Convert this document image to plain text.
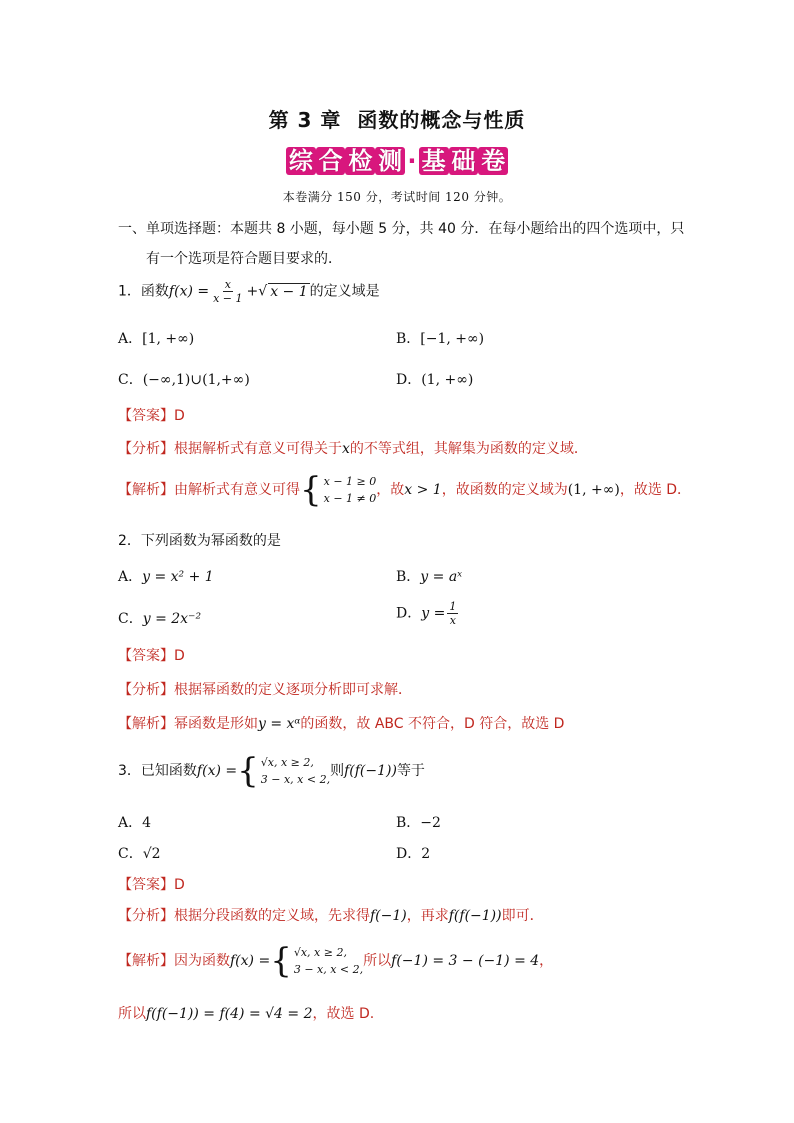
第 3 章 函数的概念与性质
综 合 检 测 · 基 础 卷
本卷满分 150 分，考试时间 120 分钟。
一、单项选择题：本题共 8 小题，每小题 5 分，共 40 分．在每小题给出的四个选项中，只
有一个选项是符合题目要求的．
1．函数$f(x) = \frac{x}{x - 1}$ +√ x − 1 的定义域是
A．[1, +∞)	B．[−1, +∞)
C．(−∞,1)∪(1,+∞)	D．(1, +∞)
【答案】D
【分析】根据解析式有意义可得关于x的不等式组，其解集为函数的定义域．
【解析】由解析式有意义可得 { x − 1 ≥ 0
x − 1 ≠ 0
，故x > 1，故函数的定义域为(1, +∞)，故选 D．
2．下列函数为幂函数的是
A．y = x² + 1	B．y = aˣ
C．y = 2x⁻²	D．$y = \frac{1}{x}$
【答案】D
【分析】根据幂函数的定义逐项分析即可求解．
【解析】幂函数是形如y = xᵅ的函数，故 ABC 不符合，D 符合，故选 D
3．已知函数f(x) = { √x, x ≥ 2,
3 − x, x < 2,
则f(f(−1))等于
A．4	B．−2
C．√2	D．2
【答案】D
【分析】根据分段函数的定义域，先求得f(−1)，再求f(f(−1))即可．
【解析】因为函数f(x) = { √x, x ≥ 2,
3 − x, x < 2,
所以f(−1) = 3 − (−1) = 4，
所以f(f(−1)) = f(4) = √4 = 2，故选 D.
